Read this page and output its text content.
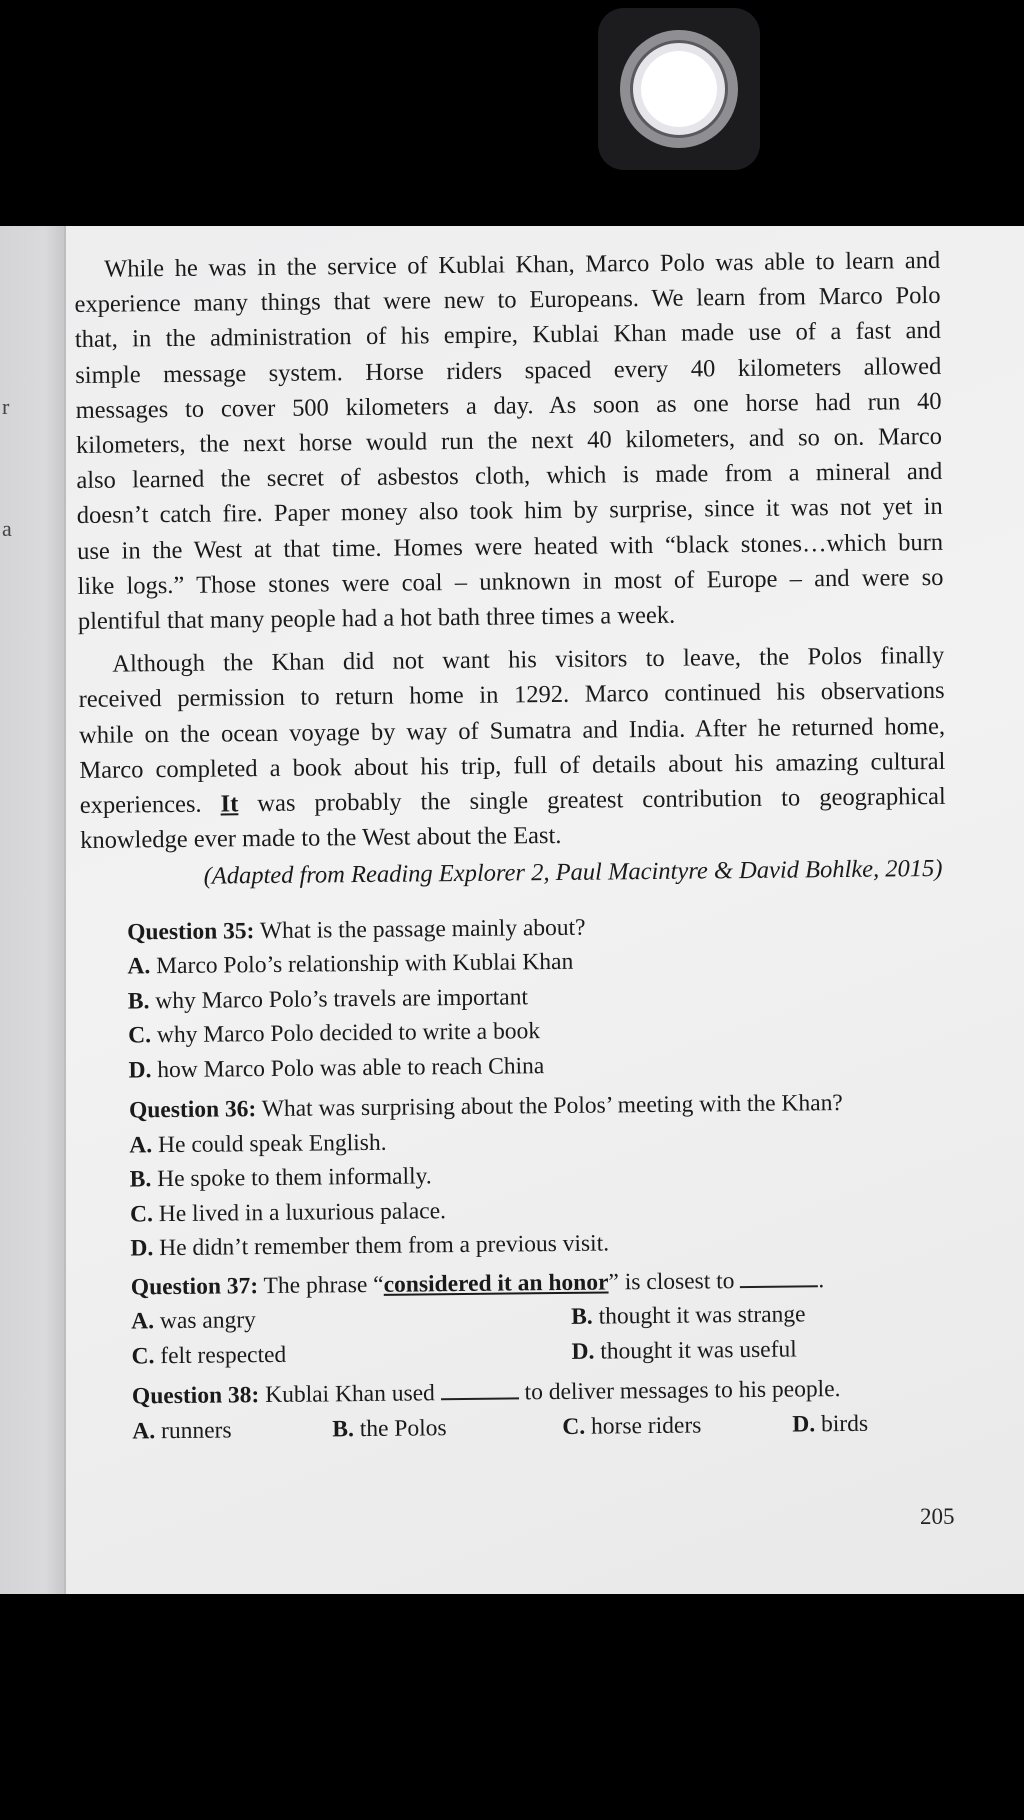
r
a
While he was in the service of Kublai Khan, Marco Polo was able to learn and
experience many things that were new to Europeans. We learn from Marco Polo
that, in the administration of his empire, Kublai Khan made use of a fast and
simple message system. Horse riders spaced every 40 kilometers allowed
messages to cover 500 kilometers a day. As soon as one horse had run 40
kilometers, the next horse would run the next 40 kilometers, and so on. Marco
also learned the secret of asbestos cloth, which is made from a mineral and
doesn’t catch fire. Paper money also took him by surprise, since it was not yet in
use in the West at that time. Homes were heated with “black stones…which burn
like logs.” Those stones were coal – unknown in most of Europe – and were so
plentiful that many people had a hot bath three times a week.
Although the Khan did not want his visitors to leave, the Polos finally
received permission to return home in 1292. Marco continued his observations
while on the ocean voyage by way of Sumatra and India. After he returned home,
Marco completed a book about his trip, full of details about his amazing cultural
experiences. It was probably the single greatest contribution to geographical
knowledge ever made to the West about the East.
(Adapted from Reading Explorer 2, Paul Macintyre & David Bohlke, 2015)
Question 35: What is the passage mainly about?
A. Marco Polo’s relationship with Kublai Khan
B. why Marco Polo’s travels are important
C. why Marco Polo decided to write a book
D. how Marco Polo was able to reach China
Question 36: What was surprising about the Polos’ meeting with the Khan?
A. He could speak English.
B. He spoke to them informally.
C. He lived in a luxurious palace.
D. He didn’t remember them from a previous visit.
Question 37: The phrase “considered it an honor” is closest to	.
A. was angry	B. thought it was strange
C. felt respected	D. thought it was useful
Question 38: Kublai Khan used	to deliver messages to his people.
A. runners	B. the Polos	C. horse riders	D. birds
205
